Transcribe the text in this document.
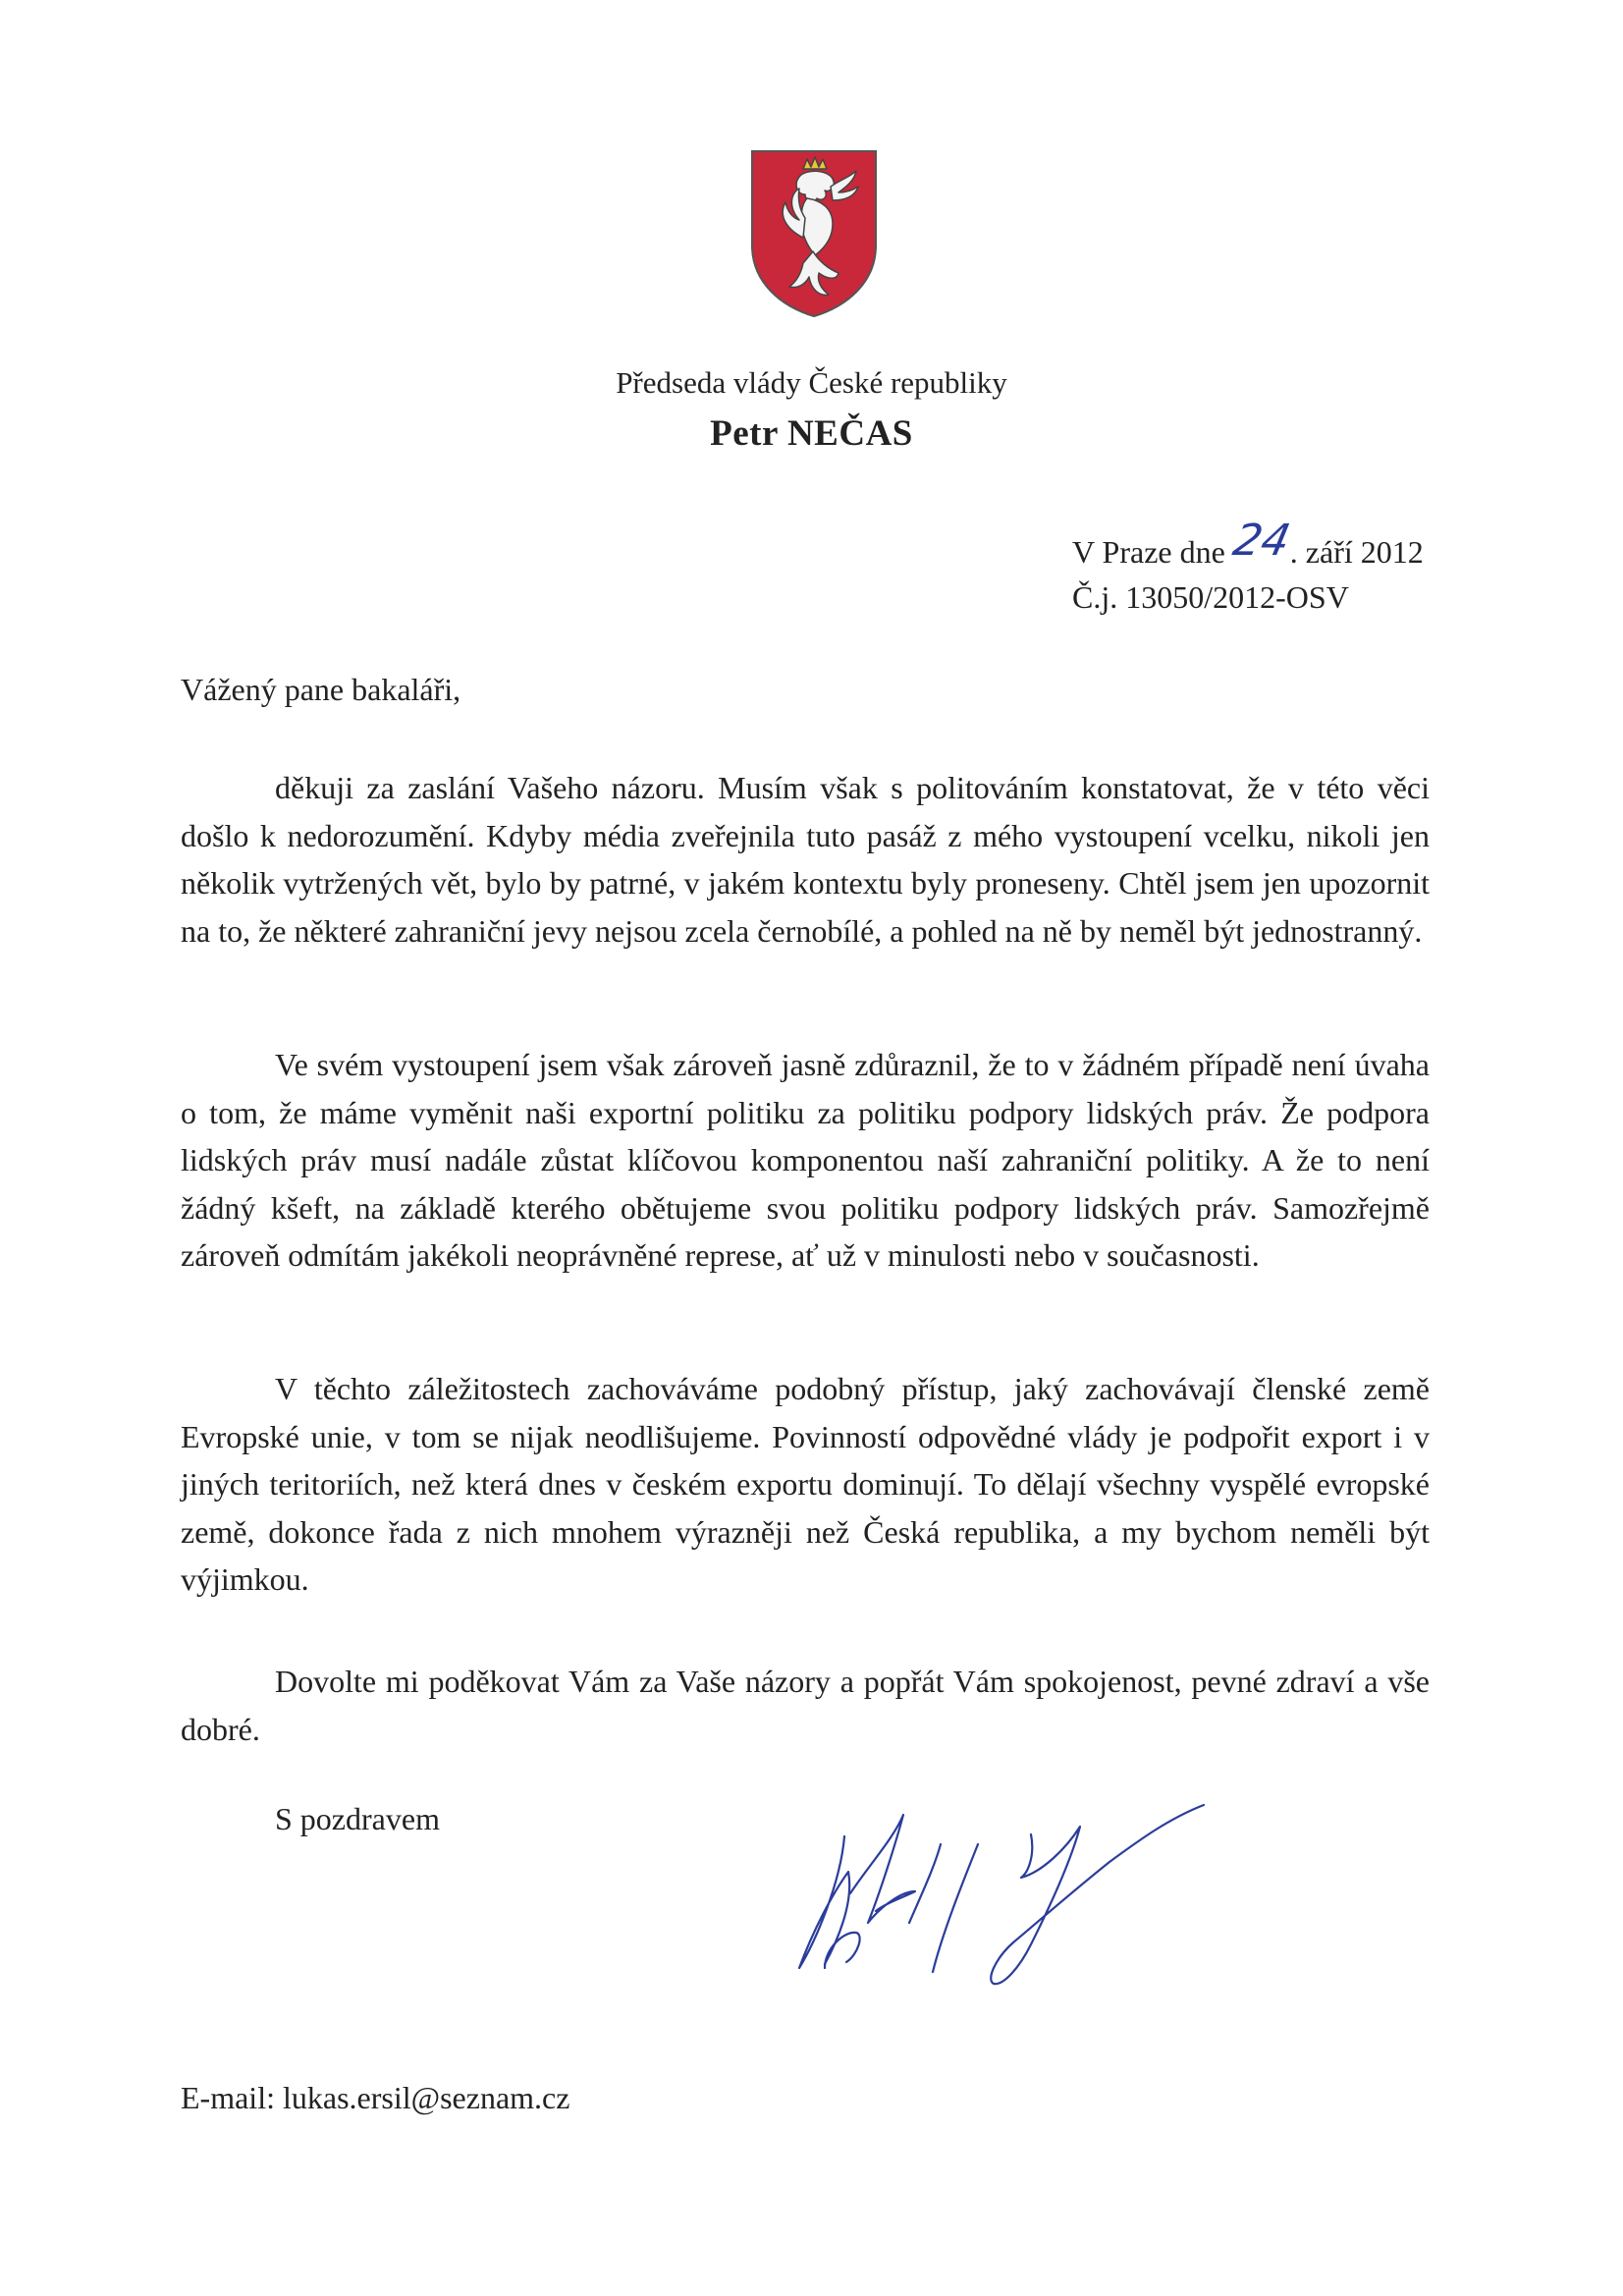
Předseda vlády České republiky
Petr NEČAS
V Praze dne 24. září 2012
Č.j. 13050/2012-OSV
Vážený pane bakaláři,
děkuji za zaslání Vašeho názoru. Musím však s politováním konstatovat, že v této věci došlo k nedorozumění. Kdyby média zveřejnila tuto pasáž z mého vystoupení vcelku, nikoli jen několik vytržených vět, bylo by patrné, v jakém kontextu byly proneseny. Chtěl jsem jen upozornit na to, že některé zahraniční jevy nejsou zcela černobílé, a pohled na ně by neměl být jednostranný.
Ve svém vystoupení jsem však zároveň jasně zdůraznil, že to v žádném případě není úvaha o tom, že máme vyměnit naši exportní politiku za politiku podpory lidských práv. Že podpora lidských práv musí nadále zůstat klíčovou komponentou naší zahraniční politiky. A že to není žádný kšeft, na základě kterého obětujeme svou politiku podpory lidských práv. Samozřejmě zároveň odmítám jakékoli neoprávněné represe, ať už v minulosti nebo v současnosti.
V těchto záležitostech zachováváme podobný přístup, jaký zachovávají členské země Evropské unie, v tom se nijak neodlišujeme. Povinností odpovědné vlády je podpořit export i v jiných teritoriích, než která dnes v českém exportu dominují. To dělají všechny vyspělé evropské země, dokonce řada z nich mnohem výrazněji než Česká republika, a my bychom neměli být výjimkou.
Dovolte mi poděkovat Vám za Vaše názory a popřát Vám spokojenost, pevné zdraví a vše dobré.
S pozdravem
E-mail: lukas.ersil@seznam.cz
